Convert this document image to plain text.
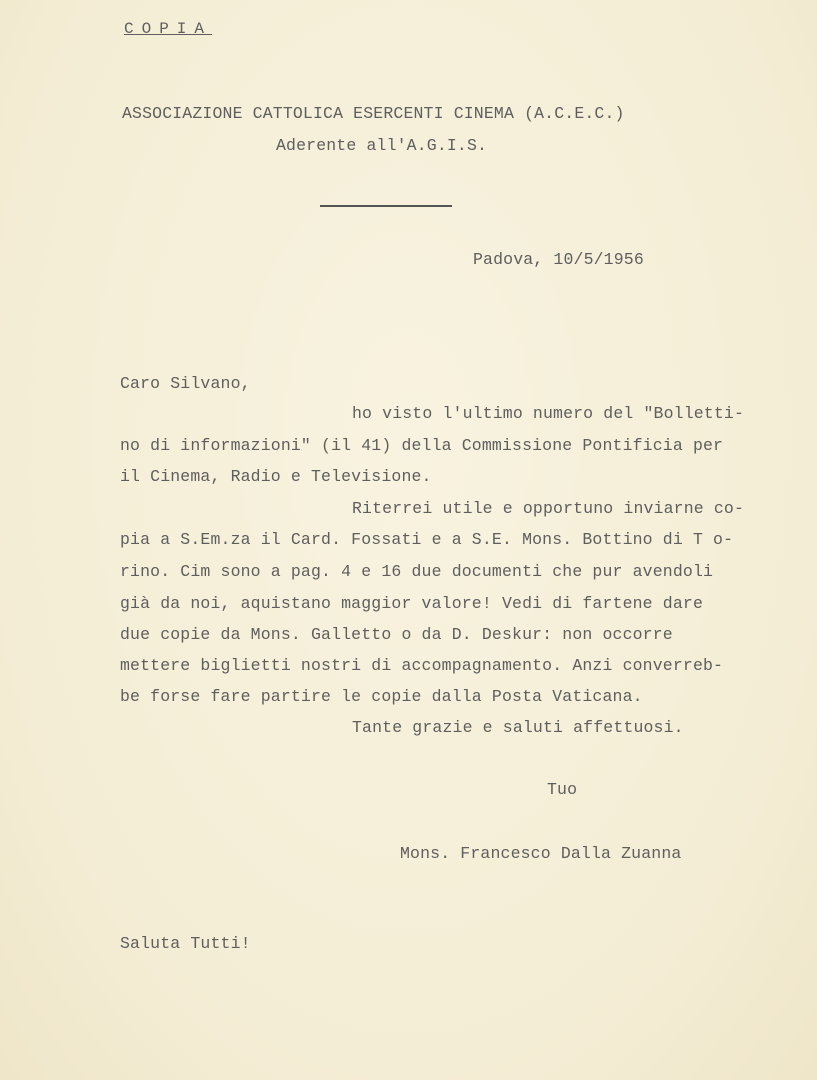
COPIA
ASSOCIAZIONE CATTOLICA ESERCENTI CINEMA (A.C.E.C.)
Aderente all'A.G.I.S.
Padova, 10/5/1956
Caro Silvano,
ho visto l'ultimo numero del "Bolletti-
no di informazioni" (il 41) della Commissione Pontificia per
il Cinema, Radio e Televisione.
Riterrei utile e opportuno inviarne co-
pia a S.Em.za il Card. Fossati e a S.E. Mons. Bottino di T o-
rino. Cim sono a pag. 4 e 16 due documenti che pur avendoli
già da noi, aquistano maggior valore! Vedi di fartene dare
due copie da Mons. Galletto o da D. Deskur: non occorre
mettere biglietti nostri di accompagnamento. Anzi converreb-
be forse fare partire le copie dalla Posta Vaticana.
Tante grazie e saluti affettuosi.
Tuo
Mons. Francesco Dalla Zuanna
Saluta Tutti!
